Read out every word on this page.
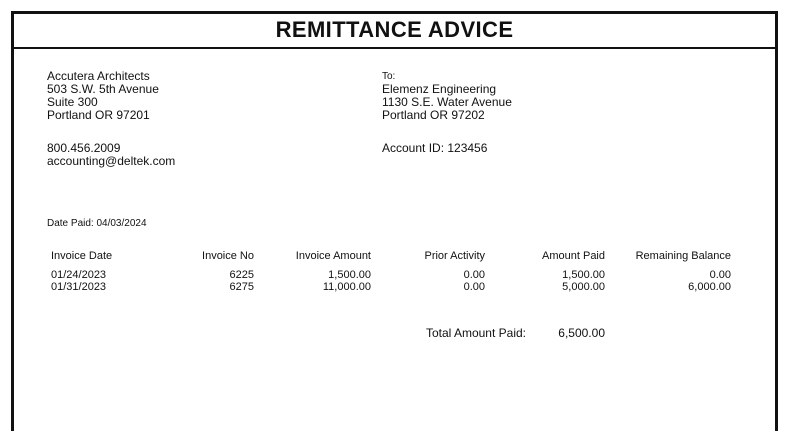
REMITTANCE ADVICE
Accutera Architects
503 S.W. 5th Avenue
Suite 300
Portland OR 97201
800.456.2009
accounting@deltek.com
To:
Elemenz Engineering
1130 S.E. Water Avenue
Portland OR 97202
Account ID: 123456
Date Paid: 04/03/2024
Invoice Date	Invoice No	Invoice Amount	Prior Activity	Amount Paid	Remaining Balance
01/24/2023	6225	1,500.00	0.00	1,500.00	0.00
01/31/2023	6275	11,000.00	0.00	5,000.00	6,000.00
Total Amount Paid:	6,500.00
